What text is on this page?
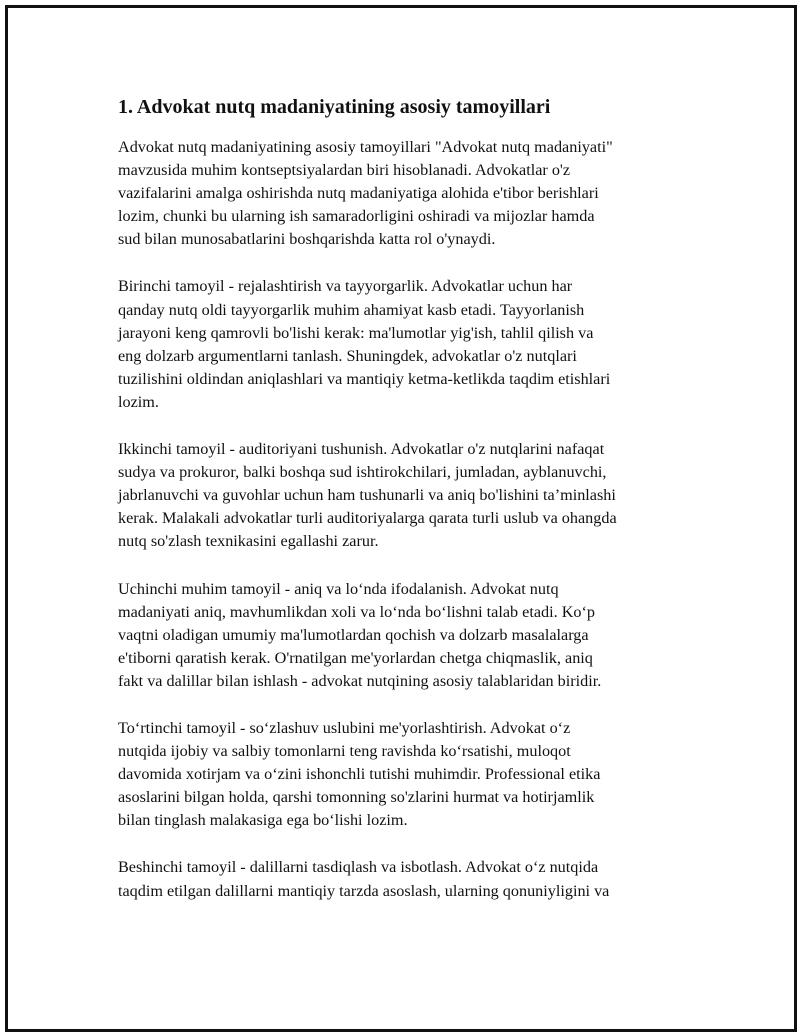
1. Advokat nutq madaniyatining asosiy tamoyillari

Advokat nutq madaniyatining asosiy tamoyillari "Advokat nutq madaniyati"
mavzusida muhim kontseptsiyalardan biri hisoblanadi. Advokatlar o'z
vazifalarini amalga oshirishda nutq madaniyatiga alohida e'tibor berishlari
lozim, chunki bu ularning ish samaradorligini oshiradi va mijozlar hamda
sud bilan munosabatlarini boshqarishda katta rol o'ynaydi.

Birinchi tamoyil - rejalashtirish va tayyorgarlik. Advokatlar uchun har
qanday nutq oldi tayyorgarlik muhim ahamiyat kasb etadi. Tayyorlanish
jarayoni keng qamrovli bo'lishi kerak: ma'lumotlar yig'ish, tahlil qilish va
eng dolzarb argumentlarni tanlash. Shuningdek, advokatlar o'z nutqlari
tuzilishini oldindan aniqlashlari va mantiqiy ketma-ketlikda taqdim etishlari
lozim.

Ikkinchi tamoyil - auditoriyani tushunish. Advokatlar o'z nutqlarini nafaqat
sudya va prokuror, balki boshqa sud ishtirokchilari, jumladan, ayblanuvchi,
jabrlanuvchi va guvohlar uchun ham tushunarli va aniq bo'lishini ta’minlashi
kerak. Malakali advokatlar turli auditoriyalarga qarata turli uslub va ohangda
nutq so'zlash texnikasini egallashi zarur.

Uchinchi muhim tamoyil - aniq va lo‘nda ifodalanish. Advokat nutq
madaniyati aniq, mavhumlikdan xoli va lo‘nda bo‘lishni talab etadi. Ko‘p
vaqtni oladigan umumiy ma'lumotlardan qochish va dolzarb masalalarga
e'tiborni qaratish kerak. O'rnatilgan me'yorlardan chetga chiqmaslik, aniq
fakt va dalillar bilan ishlash - advokat nutqining asosiy talablaridan biridir.

To‘rtinchi tamoyil - so‘zlashuv uslubini me'yorlashtirish. Advokat o‘z
nutqida ijobiy va salbiy tomonlarni teng ravishda ko‘rsatishi, muloqot
davomida xotirjam va o‘zini ishonchli tutishi muhimdir. Professional etika
asoslarini bilgan holda, qarshi tomonning so'zlarini hurmat va hotirjamlik
bilan tinglash malakasiga ega bo‘lishi lozim.

Beshinchi tamoyil - dalillarni tasdiqlash va isbotlash. Advokat o‘z nutqida
taqdim etilgan dalillarni mantiqiy tarzda asoslash, ularning qonuniyligini va
